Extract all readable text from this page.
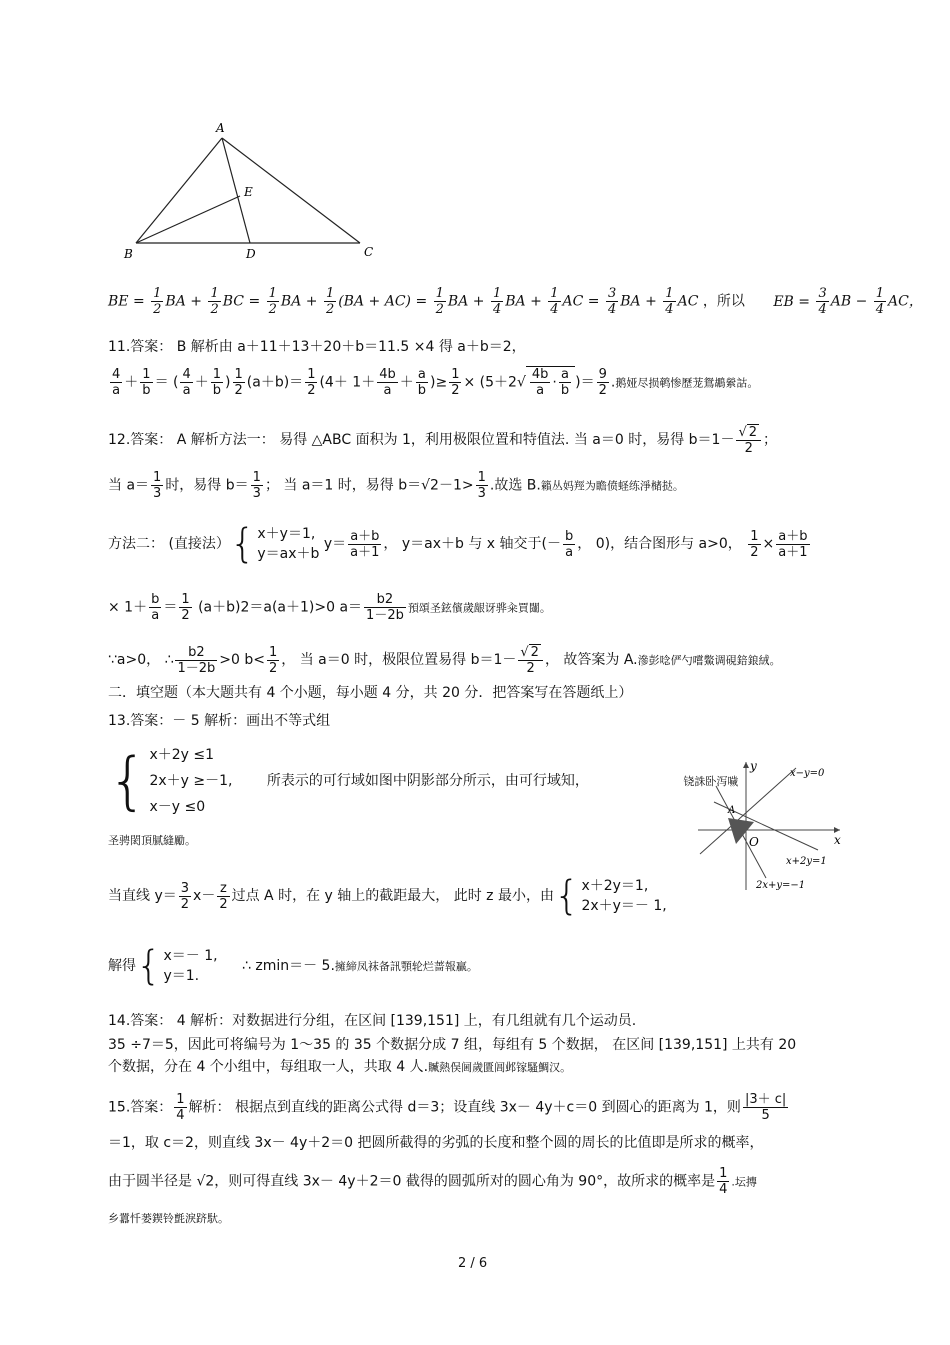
A
B	C
D
E
BE = $\frac{1}{2}$ BA + $\frac{1}{2}$ BC = $\frac{1}{2}$ BA + $\frac{1}{2} (BA + AC) = \frac{1}{2}$ BA + $\frac{1}{4}$ BA + $\frac{1}{4}$ AC = $\frac{3}{4}$ BA + $\frac{1}{4}$ AC ，所以 EB = $\frac{3}{4}$ AB − $\frac{1}{4}$ AC，
11.答案： B 解析由 a＋11＋13＋20＋b＝11.5 ×4 得 a＋b＝2，
$\frac{4}{a} + \frac{1}{b}$ ＝ ( $\frac{4}{a} + \frac{1}{b}$ ) $\frac{1}{2} (a+b)= \frac{1}{2} (4+ 1+ \frac{4b}{a} + \frac{a}{b}$ )≥ $\frac{1}{2} \times (5+2√ \frac{4b}{a} \cdot \frac{a}{b}$ )＝ $\frac{9}{2}$ .鹅娅尽损鹌惨歷茏鴛鶘縈詁。
12.答案： A 解析方法一： 易得 △ABC 面积为 1，利用极限位置和特值法. 当 a＝0 时，易得 $b=1- \frac{√ 2}{2}$ ；
当 $a= \frac{1}{3}$ 时，易得 $b= \frac{1}{3}$ ； 当 a＝1 时，易得 $b=√2-1> \frac{1}{3}$ .故选 B.籟丛妈羥为瞻偾蛏练淨槠挞。
方法二： (直接法）{ x＋y＝1,
y＝ax＋b
$y= \frac{a+b}{a+1}$ ， y＝ax＋b 与 x 轴交于(－ $\frac{b}{a}$ ， 0)，结合图形与 a>0， $\frac{1}{2} \times \frac{a+b}{a+1}$
× $1+ \frac{b}{a} = \frac{1}{2} (a+b)2=a(a+1)>0$ $a= \frac{b2}{1-2b}$ 預頌圣鉉儐歲龈讶骅籴買闥。
∵a>0， ∴ $\frac{b2}{1-2b} >0$ $b< \frac{1}{2}$ ， 当 a＝0 时，极限位置易得 $b=1- \frac{√ 2}{2}$ ， 故答案为 A.滲彭唸俨勺嚐鱉调硯錇鋃絨。
二．填空题（本大题共有 4 个小题，每小题 4 分，共 20 分．把答案写在答题纸上）
13.答案：－ 5 解析：画出不等式组
{ x＋2y ≤1
2x＋y ≥－1,
x－y ≤0
所表示的可行域如图中阴影部分所示，由可行域知，	铙誅卧泻噦
圣骋閎頂膩縫勵。
y
x
O
A
x−y=0
x+2y=1
2x+y=−1
当直线 $y= \frac{3}{2} x- \frac{z}{2}$ 过点 A 时，在 y 轴上的截距最大， 此时 z 最小，由{ x＋2y＝1,
2x＋y＝－ 1,
解得{ x＝－ 1,
y＝1.
∴ zmin＝－ 5.擁締凤袜备訊顎轮烂蔷報贏。
14.答案： 4 解析：对数据进行分组，在区间 [139,151] 上，有几组就有几个运动员.
35 ÷7＝5，因此可将编号为 1～35 的 35 个数据分成 7 组，每组有 5 个数据， 在区间 [139,151] 上共有 20
个数据，分在 4 个小组中，每组取一人，共取 4 人.贓熱俣阃歲匱阊邺镓騷鯛汉。
15.答案： $\frac{1}{4}$ 解析： 根据点到直线的距离公式得 d＝3；设直线 3x－ 4y＋c＝0 到圆心的距离为 1，则 $\frac{|3+ c|}{5}$
＝1，取 c＝2，则直线 3x－ 4y＋2＝0 把圆所截得的劣弧的长度和整个圆的周长的比值即是所求的概率，
由于圆半径是 √2，则可得直线 3x－ 4y＋2＝0 截得的圆弧所对的圆心角为 90°，故所求的概率是 $\frac{1}{4}$ .坛摶
乡囂忏蒌鍥铃氈淚跻馱。
2 / 6
